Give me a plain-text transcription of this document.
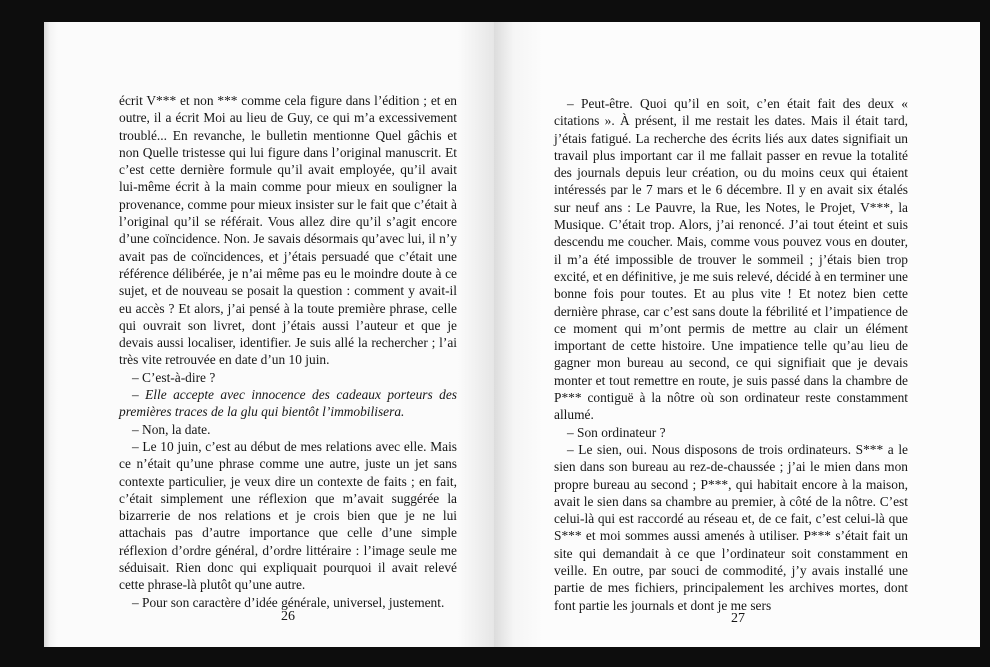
écrit V*** et non *** comme cela figure dans l’édition ; et en outre, il a écrit Moi au lieu de Guy, ce qui m’a excessivement troublé... En revanche, le bulletin mentionne Quel gâchis et non Quelle tristesse qui lui figure dans l’original manuscrit. Et c’est cette dernière formule qu’il avait employée, qu’il avait lui-même écrit à la main comme pour mieux en souligner la provenance, comme pour mieux insister sur le fait que c’était à l’original qu’il se référait. Vous allez dire qu’il s’agit encore d’une coïncidence. Non. Je savais désormais qu’avec lui, il n’y avait pas de coïncidences, et j’étais persuadé que c’était une référence délibérée, je n’ai même pas eu le moindre doute à ce sujet, et de nouveau se posait la question : comment y avait-il eu accès ? Et alors, j’ai pensé à la toute première phrase, celle qui ouvrait son livret, dont j’étais aussi l’auteur et que je devais aussi localiser, identifier. Je suis allé la rechercher ; l’ai très vite retrouvée en date d’un 10 juin.

– C’est-à-dire ?

– Elle accepte avec innocence des cadeaux porteurs des premières traces de la glu qui bientôt l’immobilisera.

– Non, la date.

– Le 10 juin, c’est au début de mes relations avec elle. Mais ce n’était qu’une phrase comme une autre, juste un jet sans contexte particulier, je veux dire un contexte de faits ; en fait, c’était simplement une réflexion que m’avait suggérée la bizarrerie de nos relations et je crois bien que je ne lui attachais pas d’autre importance que celle d’une simple réflexion d’ordre général, d’ordre littéraire : l’image seule me séduisait. Rien donc qui expliquait pourquoi il avait relevé cette phrase-là plutôt qu’une autre.

– Pour son caractère d’idée générale, universel, justement.

26

– Peut-être. Quoi qu’il en soit, c’en était fait des deux « citations ». À présent, il me restait les dates. Mais il était tard, j’étais fatigué. La recherche des écrits liés aux dates signifiait un travail plus important car il me fallait passer en revue la totalité des journals depuis leur création, ou du moins ceux qui étaient intéressés par le 7 mars et le 6 décembre. Il y en avait six étalés sur neuf ans : Le Pauvre, la Rue, les Notes, le Projet, V***, la Musique. C’était trop. Alors, j’ai renoncé. J’ai tout éteint et suis descendu me coucher. Mais, comme vous pouvez vous en douter, il m’a été impossible de trouver le sommeil ; j’étais bien trop excité, et en définitive, je me suis relevé, décidé à en terminer une bonne fois pour toutes. Et au plus vite ! Et notez bien cette dernière phrase, car c’est sans doute la fébrilité et l’impatience de ce moment qui m’ont permis de mettre au clair un élément important de cette histoire. Une impatience telle qu’au lieu de gagner mon bureau au second, ce qui signifiait que je devais monter et tout remettre en route, je suis passé dans la chambre de P*** contiguë à la nôtre où son ordinateur reste constamment allumé.

– Son ordinateur ?

– Le sien, oui. Nous disposons de trois ordinateurs. S*** a le sien dans son bureau au rez-de-chaussée ; j’ai le mien dans mon propre bureau au second ; P***, qui habitait encore à la maison, avait le sien dans sa chambre au premier, à côté de la nôtre. C’est celui-là qui est raccordé au réseau et, de ce fait, c’est celui-là que S*** et moi sommes aussi amenés à utiliser. P*** s’était fait un site qui demandait à ce que l’ordinateur soit constamment en veille. En outre, par souci de commodité, j’y avais installé une partie de mes fichiers, principalement les archives mortes, dont font partie les journals et dont je me sers

27
